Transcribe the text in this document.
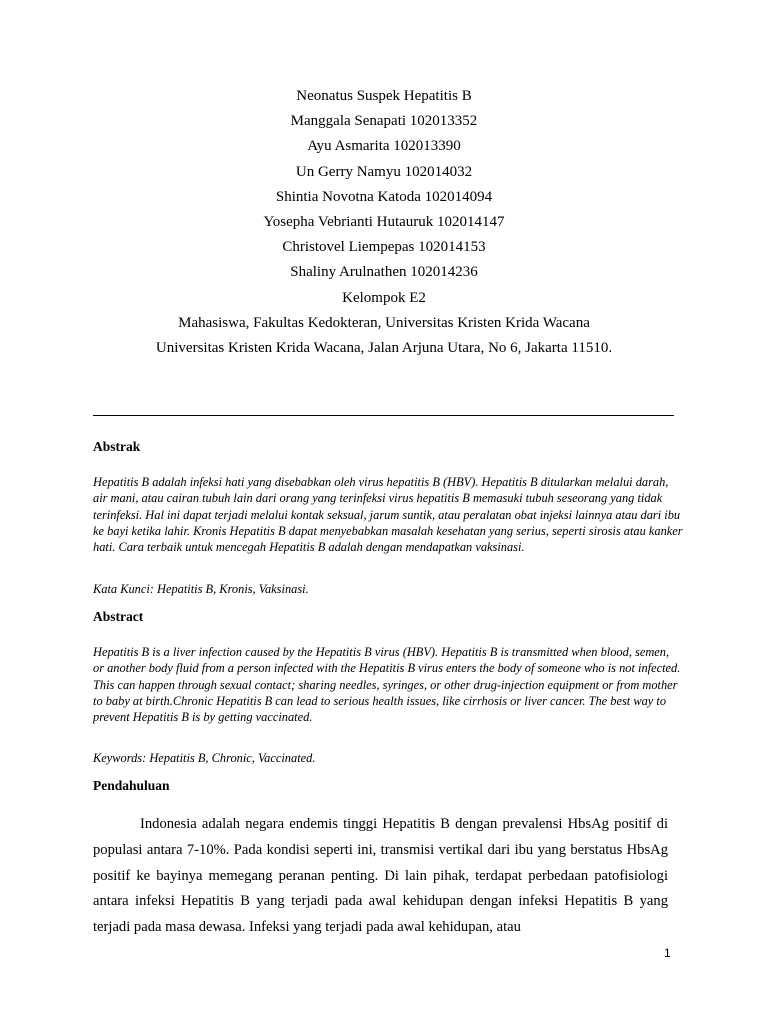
Neonatus Suspek Hepatitis B
Manggala Senapati 102013352
Ayu Asmarita 102013390
Un Gerry Namyu 102014032
Shintia Novotna Katoda 102014094
Yosepha Vebrianti Hutauruk 102014147
Christovel Liempepas 102014153
Shaliny Arulnathen 102014236
Kelompok E2
Mahasiswa, Fakultas Kedokteran, Universitas Kristen Krida Wacana
Universitas Kristen Krida Wacana, Jalan Arjuna Utara, No 6, Jakarta 11510.
Abstrak

Hepatitis B adalah infeksi hati yang disebabkan oleh virus hepatitis B (HBV). Hepatitis B ditularkan melalui darah, air mani, atau cairan tubuh lain dari orang yang terinfeksi virus hepatitis B memasuki tubuh seseorang yang tidak terinfeksi. Hal ini dapat terjadi melalui kontak seksual, jarum suntik, atau peralatan obat injeksi lainnya atau dari ibu ke bayi ketika lahir. Kronis Hepatitis B dapat menyebabkan masalah kesehatan yang serius, seperti sirosis atau kanker hati. Cara terbaik untuk mencegah Hepatitis B adalah dengan mendapatkan vaksinasi.

Kata Kunci: Hepatitis B, Kronis, Vaksinasi.
Abstract

Hepatitis B is a liver infection caused by the Hepatitis B virus (HBV). Hepatitis B is transmitted when blood, semen, or another body fluid from a person infected with the Hepatitis B virus enters the body of someone who is not infected. This can happen through sexual contact; sharing needles, syringes, or other drug-injection equipment or from mother to baby at birth.Chronic Hepatitis B can lead to serious health issues, like cirrhosis or liver cancer. The best way to prevent Hepatitis B is by getting vaccinated.

Keywords: Hepatitis B, Chronic, Vaccinated.
Pendahuluan

Indonesia adalah negara endemis tinggi Hepatitis B dengan prevalensi HbsAg positif di populasi antara 7-10%. Pada kondisi seperti ini, transmisi vertikal dari ibu yang berstatus HbsAg positif ke bayinya memegang peranan penting. Di lain pihak, terdapat perbedaan patofisiologi antara infeksi Hepatitis B yang terjadi pada awal kehidupan dengan infeksi Hepatitis B yang terjadi pada masa dewasa. Infeksi yang terjadi pada awal kehidupan, atau

1
